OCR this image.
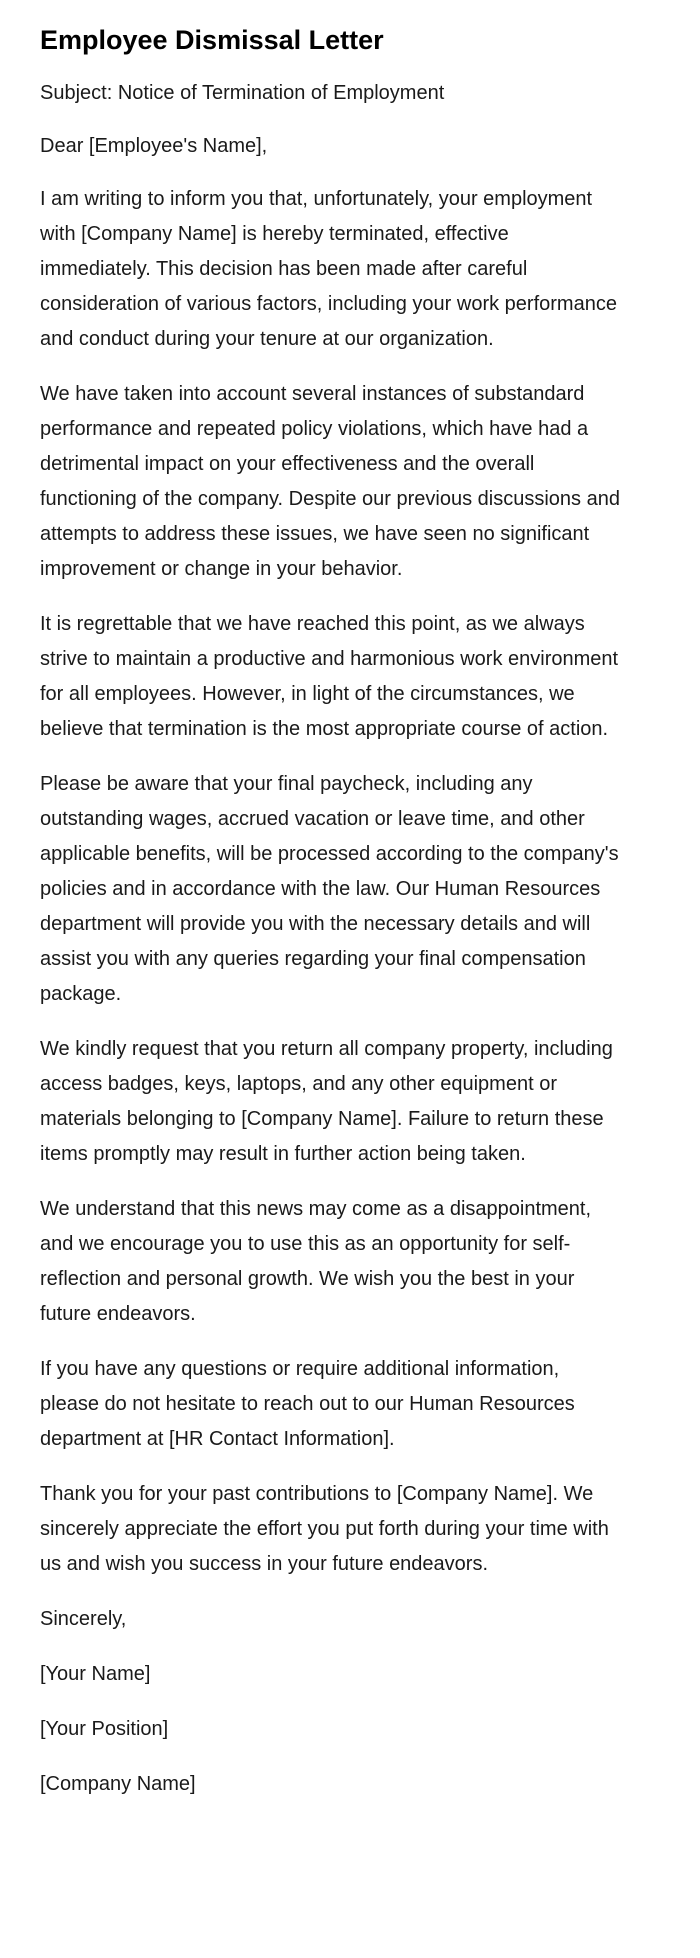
Employee Dismissal Letter

Subject: Notice of Termination of Employment

Dear [Employee's Name],

I am writing to inform you that, unfortunately, your employment with [Company Name] is hereby terminated, effective immediately. This decision has been made after careful consideration of various factors, including your work performance and conduct during your tenure at our organization.

We have taken into account several instances of substandard performance and repeated policy violations, which have had a detrimental impact on your effectiveness and the overall functioning of the company. Despite our previous discussions and attempts to address these issues, we have seen no significant improvement or change in your behavior.

It is regrettable that we have reached this point, as we always strive to maintain a productive and harmonious work environment for all employees. However, in light of the circumstances, we believe that termination is the most appropriate course of action.

Please be aware that your final paycheck, including any outstanding wages, accrued vacation or leave time, and other applicable benefits, will be processed according to the company's policies and in accordance with the law. Our Human Resources department will provide you with the necessary details and will assist you with any queries regarding your final compensation package.

We kindly request that you return all company property, including access badges, keys, laptops, and any other equipment or materials belonging to [Company Name]. Failure to return these items promptly may result in further action being taken.

We understand that this news may come as a disappointment, and we encourage you to use this as an opportunity for self-reflection and personal growth. We wish you the best in your future endeavors.

If you have any questions or require additional information, please do not hesitate to reach out to our Human Resources department at [HR Contact Information].

Thank you for your past contributions to [Company Name]. We sincerely appreciate the effort you put forth during your time with us and wish you success in your future endeavors.

Sincerely,

[Your Name]

[Your Position]

[Company Name]
